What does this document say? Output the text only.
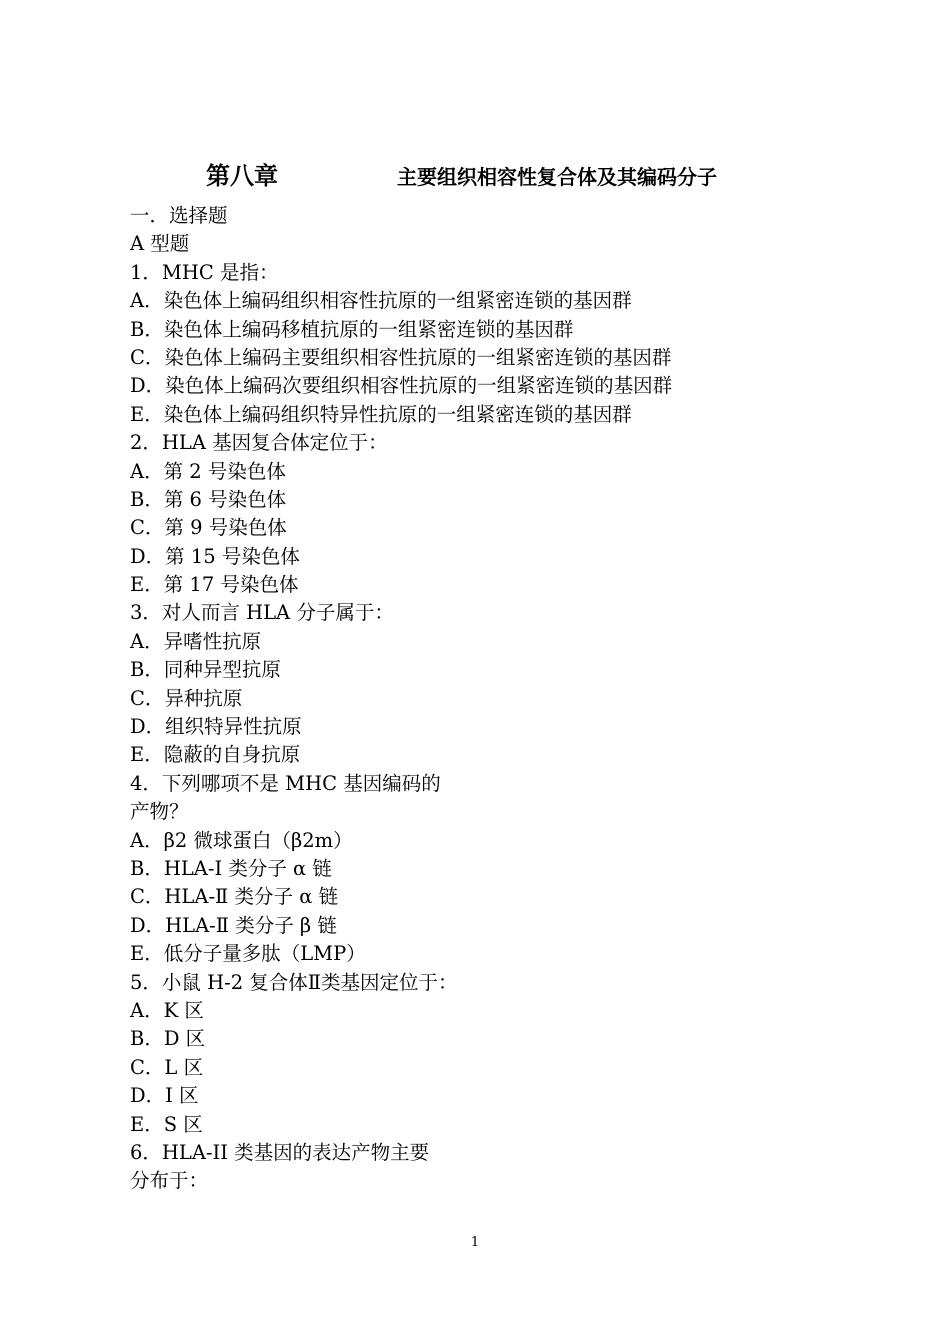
第八章	主要组织相容性复合体及其编码分子
一．选择题
A 型题
1．MHC 是指：
A．染色体上编码组织相容性抗原的一组紧密连锁的基因群
B．染色体上编码移植抗原的一组紧密连锁的基因群
C．染色体上编码主要组织相容性抗原的一组紧密连锁的基因群
D．染色体上编码次要组织相容性抗原的一组紧密连锁的基因群
E．染色体上编码组织特异性抗原的一组紧密连锁的基因群
2．HLA 基因复合体定位于：
A．第 2 号染色体
B．第 6 号染色体
C．第 9 号染色体
D．第 15 号染色体
E．第 17 号染色体
3．对人而言 HLA 分子属于：
A．异嗜性抗原
B．同种异型抗原
C．异种抗原
D．组织特异性抗原
E．隐蔽的自身抗原
4．下列哪项不是 MHC 基因编码的
产物？
A．β2 微球蛋白（β2m）
B．HLA-Ⅰ 类分子 α 链
C．HLA-Ⅱ 类分子 α 链
D．HLA-Ⅱ 类分子 β 链
E．低分子量多肽（LMP）
5．小鼠 H-2 复合体Ⅱ类基因定位于：
A．K 区
B．D 区
C．L 区
D．I 区
E．S 区
6．HLA-II 类基因的表达产物主要
分布于：
1
